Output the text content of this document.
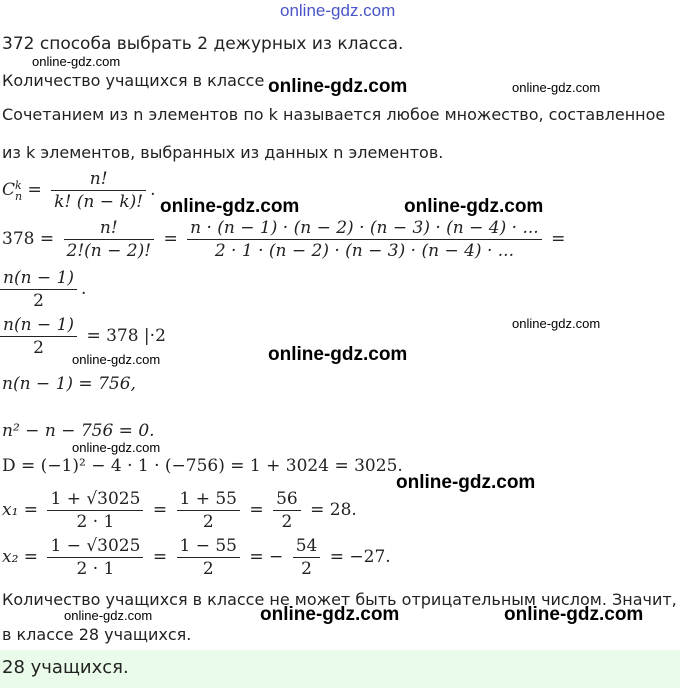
online-gdz.com
372 способа выбрать 2 дежурных из класса.
Количество учащихся в классе
Сочетанием из n элементов по k называется любое множество, составленное
из k элементов, выбранных из данных n элементов.
C k
$n = \frac{n!}{k! (n - k)!}$ .
$378 = \frac{n!}{2!(n - 2)!} = \frac{n \cdot (n - 1) \cdot (n - 2) \cdot (n - 3) \cdot (n - 4) \cdot ...}{2 \cdot 1 \cdot (n - 2) \cdot (n - 3) \cdot (n - 4) \cdot ...}$ =
$\frac{n(n - 1)}{2}$ .
$\frac{n(n - 1)}{2} = 378$ |·2
n(n − 1) = 756,
n² − n − 756 = 0.
D = (−1)² − 4 · 1 · (−756) = 1 + 3024 = 3025.
$x_1 = \frac{1 + √3025}{2 \cdot 1} = \frac{1 + 55}{2} = \frac{56}{2} = 28$.
$x_2 = \frac{1 - √3025}{2 \cdot 1} = \frac{1 - 55}{2}$ = − $\frac{54}{2} = -27$.
Количество учащихся в классе не может быть отрицательным числом. Значит,
в классе 28 учащихся.
28 учащихся.
online-gdz.com
online-gdz.com	online-gdz.com
online-gdz.com	online-gdz.com
online-gdz.com
online-gdz.com
online-gdz.com
online-gdz.com
online-gdz.com
online-gdz.com	online-gdz.com	online-gdz.com
